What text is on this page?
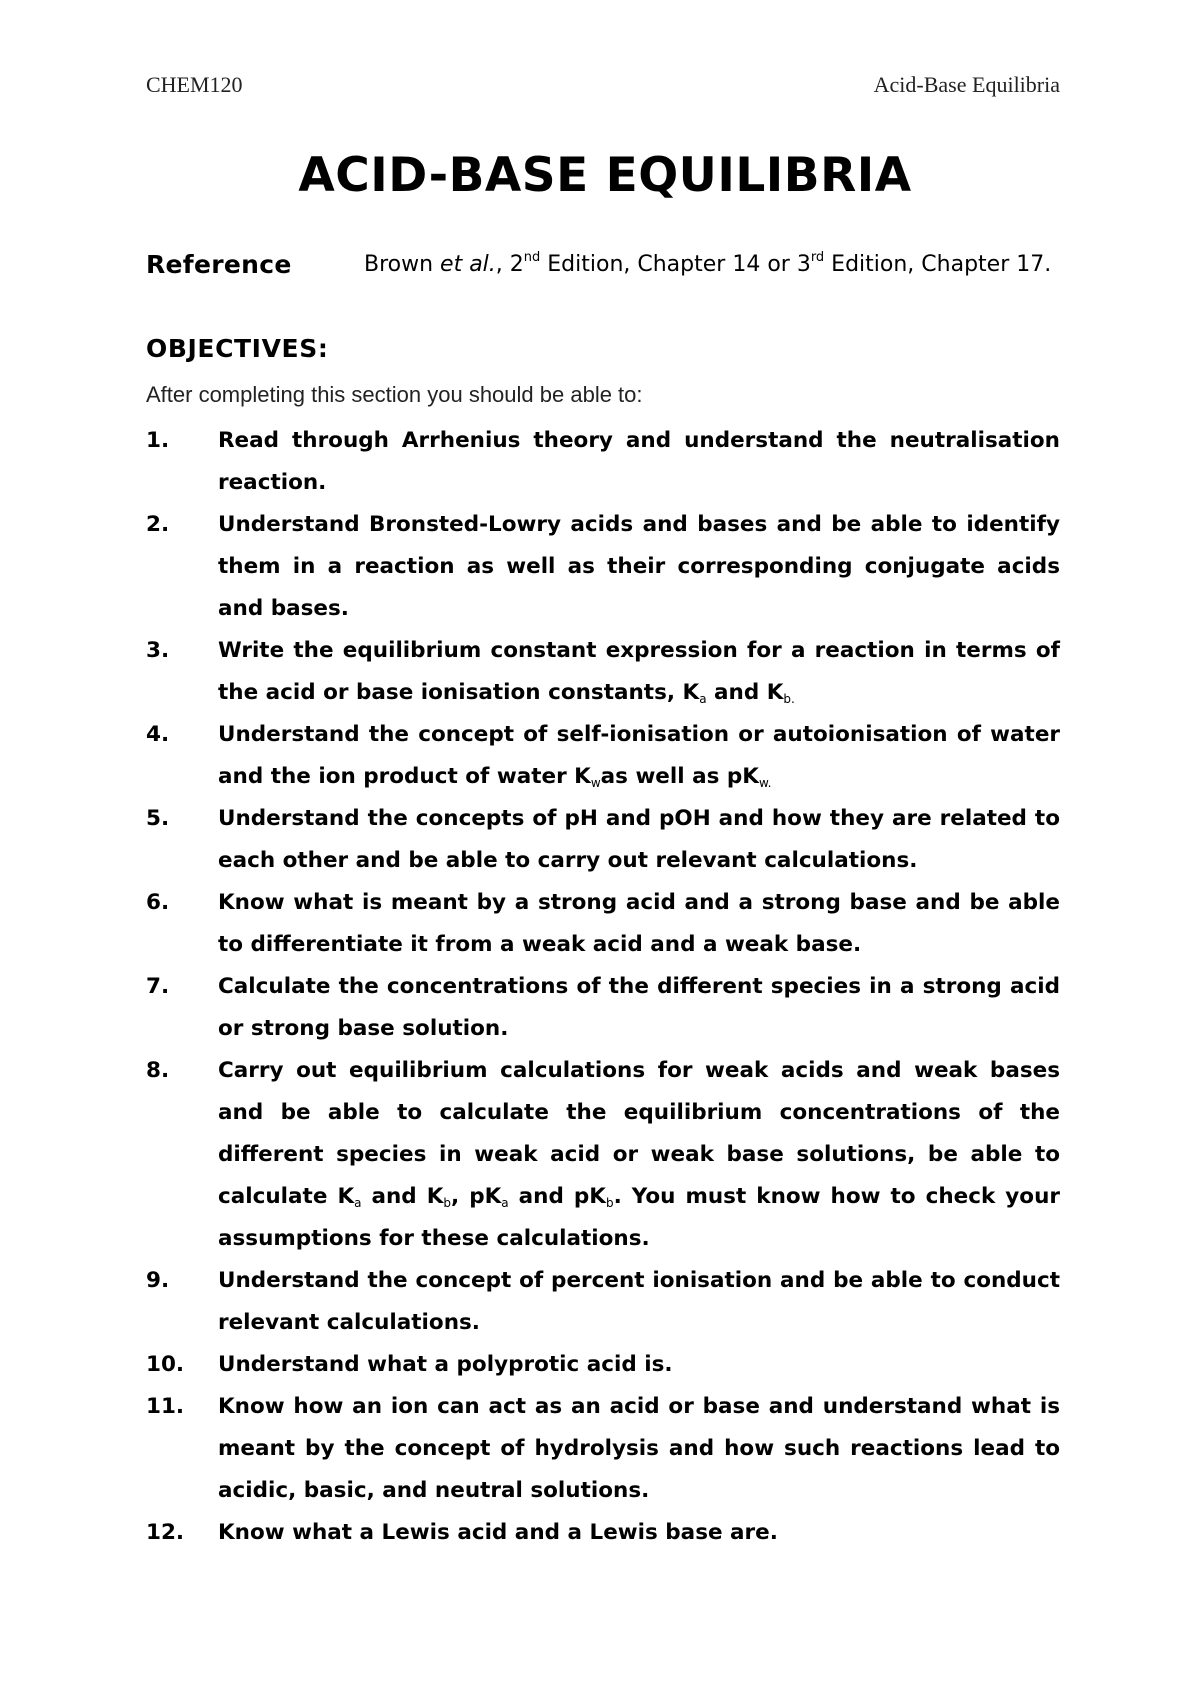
CHEM120	Acid-Base Equilibria
ACID-BASE EQUILIBRIA
Reference	Brown et al., 2nd Edition, Chapter 14 or 3rd Edition, Chapter 17.
OBJECTIVES:
After completing this section you should be able to:
1. Read through Arrhenius theory and understand the neutralisation reaction.
2. Understand Bronsted-Lowry acids and bases and be able to identify them in a reaction as well as their corresponding conjugate acids and bases.
3. Write the equilibrium constant expression for a reaction in terms of the acid or base ionisation constants, $K_a$ and $K_{b.}$
4. Understand the concept of self-ionisation or autoionisation of water and the ion product of water $K_was$ well as $pK_{w.}$
5. Understand the concepts of pH and pOH and how they are related to each other and be able to carry out relevant calculations.
6. Know what is meant by a strong acid and a strong base and be able to differentiate it from a weak acid and a weak base.
7. Calculate the concentrations of the different species in a strong acid or strong base solution.
8. Carry out equilibrium calculations for weak acids and weak bases and be able to calculate the equilibrium concentrations of the different species in weak acid or weak base solutions, be able to calculate $K_a$ and $K_b$, $pK_a$ and $pK_b$. You must know how to check your assumptions for these calculations.
9. Understand the concept of percent ionisation and be able to conduct relevant calculations.
10. Understand what a polyprotic acid is.
11. Know how an ion can act as an acid or base and understand what is meant by the concept of hydrolysis and how such reactions lead to acidic, basic, and neutral solutions.
12. Know what a Lewis acid and a Lewis base are.
